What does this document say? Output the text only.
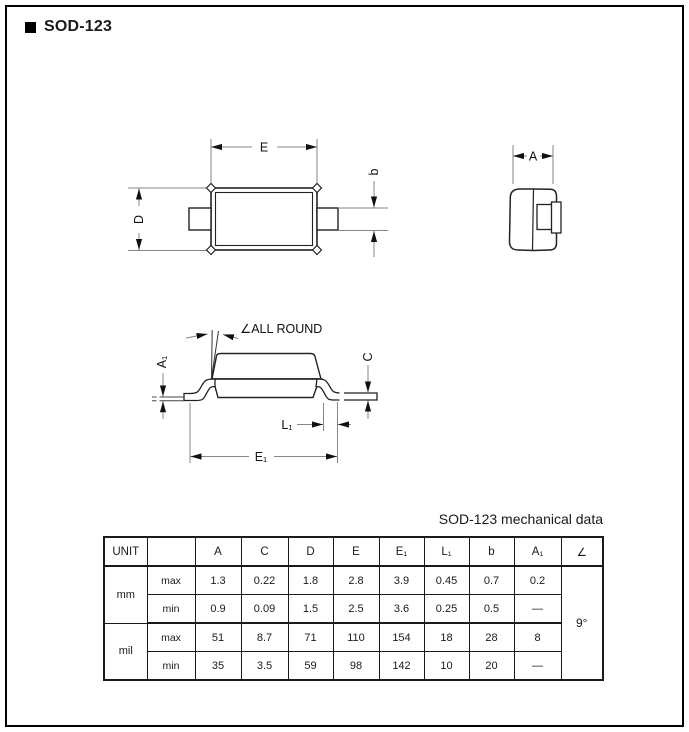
SOD-123
E
D
b
A
∠ALL ROUND
A₁	C
L₁
E₁
SOD-123 mechanical data
UNIT		A	C	D	E	E₁	L₁	b	A₁	∠
mm	max	1.3	0.22	1.8	2.8	3.9	0.45	0.7	0.2	9°
	min	0.9	0.09	1.5	2.5	3.6	0.25	0.5	—	
mil	max	51	8.7	71	110	154	18	28	8	
	min	35	3.5	59	98	142	10	20	—	
